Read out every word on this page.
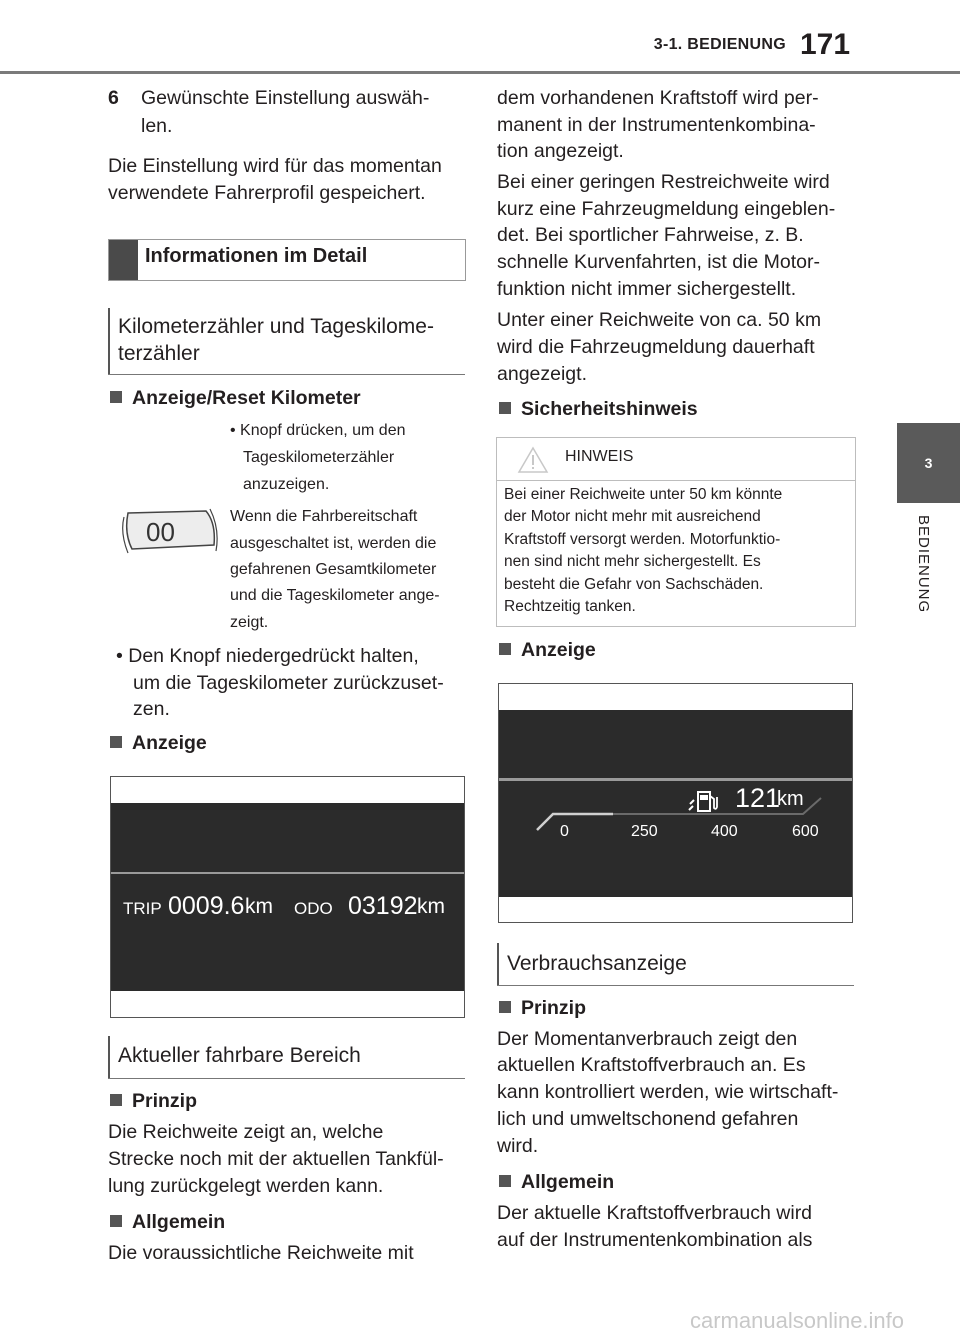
3-1. BEDIENUNG 171
3
BEDIENUNG
6 Gewünschte Einstellung auswäh-
len.
Die Einstellung wird für das momentan
verwendete Fahrerprofil gespeichert.
Informationen im Detail
Kilometerzähler und Tageskilome-
terzähler
Anzeige/Reset Kilometer
• Knopf drücken, um den
Tageskilometerzähler
anzuzeigen.
00
Wenn die Fahrbereitschaft
ausgeschaltet ist, werden die
gefahrenen Gesamtkilometer
und die Tageskilometer ange-
zeigt.
• Den Knopf niedergedrückt halten,
um die Tageskilometer zurückzuset-
zen.
Anzeige
TRIP 0009.6 km ODO 03192 km
Aktueller fahrbare Bereich
Prinzip
Die Reichweite zeigt an, welche
Strecke noch mit der aktuellen Tankfül-
lung zurückgelegt werden kann.
Allgemein
Die voraussichtliche Reichweite mit
dem vorhandenen Kraftstoff wird per-
manent in der Instrumentenkombina-
tion angezeigt.
Bei einer geringen Restreichweite wird
kurz eine Fahrzeugmeldung eingeblen-
det. Bei sportlicher Fahrweise, z. B.
schnelle Kurvenfahrten, ist die Motor-
funktion nicht immer sichergestellt.
Unter einer Reichweite von ca. 50 km
wird die Fahrzeugmeldung dauerhaft
angezeigt.
Sicherheitshinweis
HINWEIS
Bei einer Reichweite unter 50 km könnte
der Motor nicht mehr mit ausreichend
Kraftstoff versorgt werden. Motorfunktio-
nen sind nicht mehr sichergestellt. Es
besteht die Gefahr von Sachschäden.
Rechtzeitig tanken.
Anzeige
121
km
0	250	400	600
Verbrauchsanzeige
Prinzip
Der Momentanverbrauch zeigt den
aktuellen Kraftstoffverbrauch an. Es
kann kontrolliert werden, wie wirtschaft-
lich und umweltschonend gefahren
wird.
Allgemein
Der aktuelle Kraftstoffverbrauch wird
auf der Instrumentenkombination als
carmanualsonline.info
